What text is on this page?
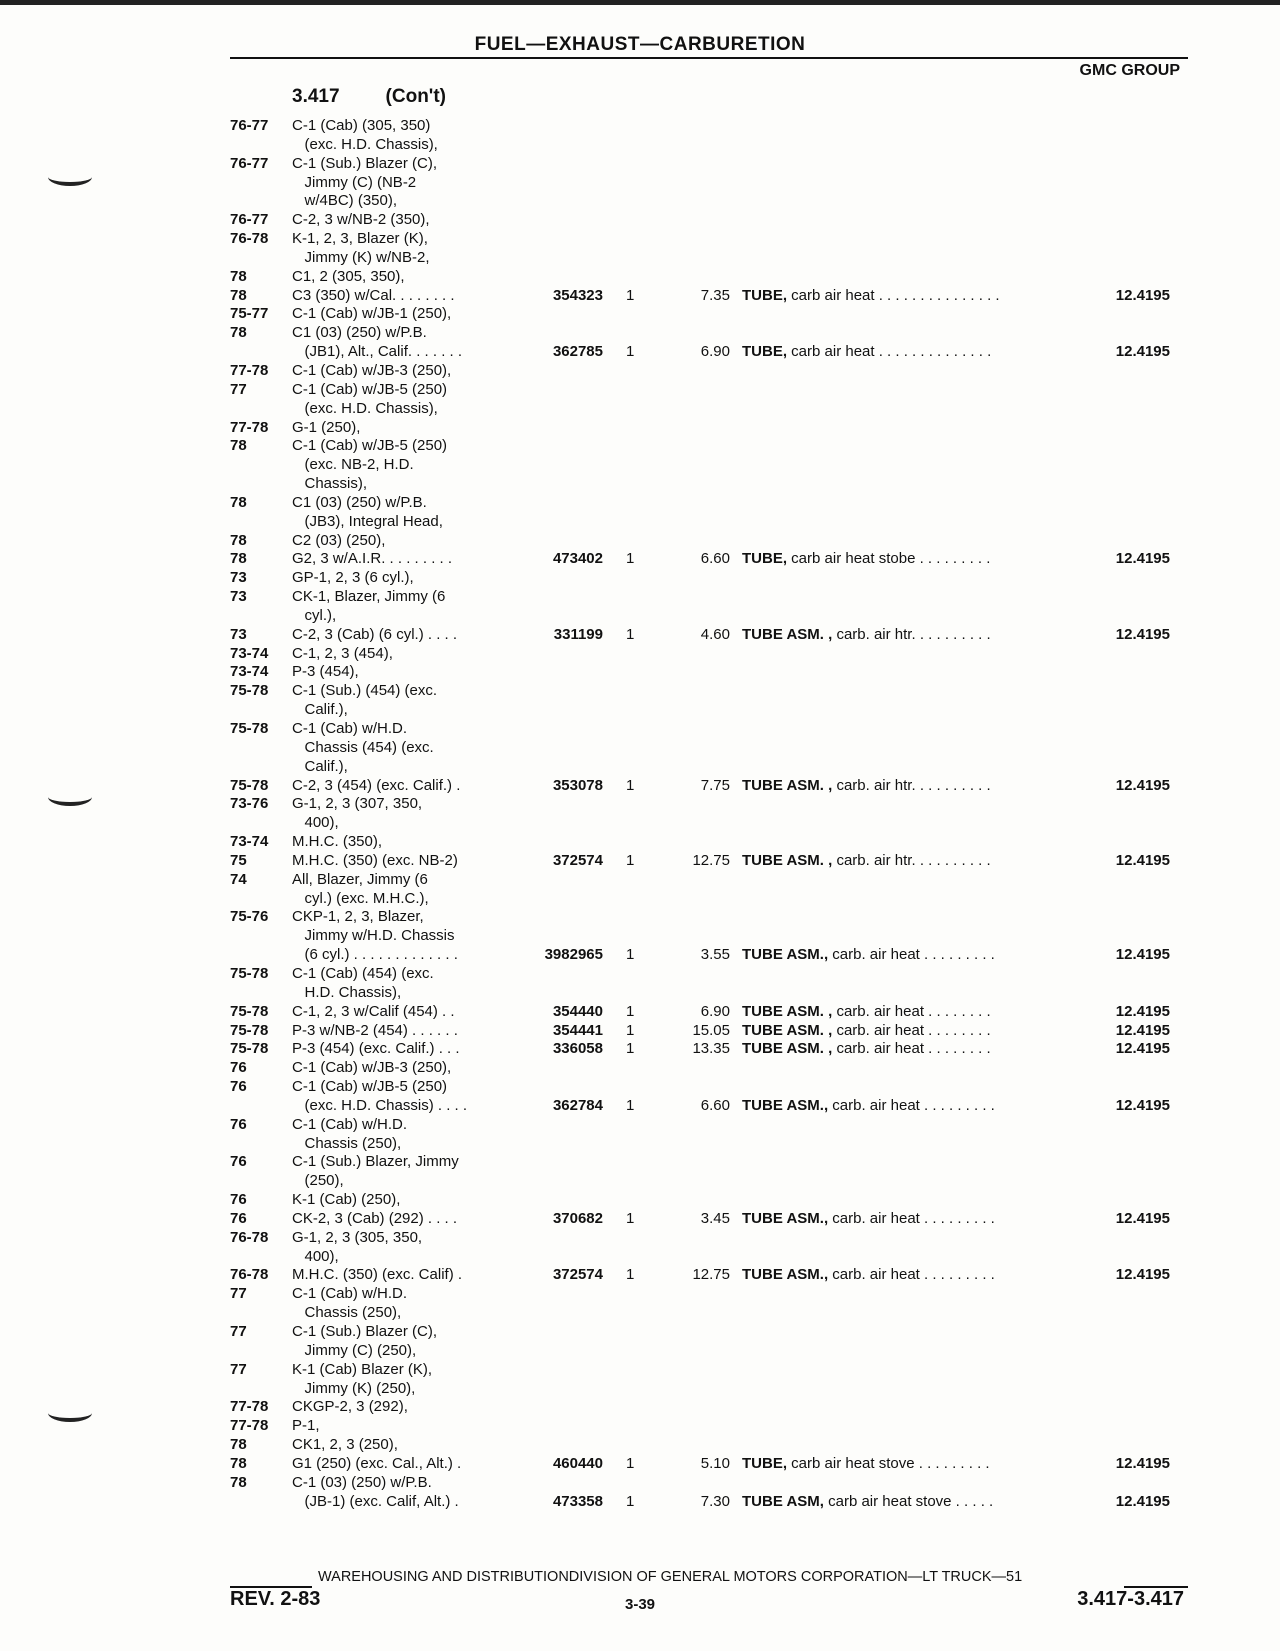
FUEL—EXHAUST—CARBURETION
GMC GROUP
3.417 (Con't)
76-77 C-1 (Cab) (305, 350)
(exc. H.D. Chassis),
76-77 C-1 (Sub.) Blazer (C),
Jimmy (C) (NB-2
w/4BC) (350),
76-77 C-2, 3 w/NB-2 (350),
76-78 K-1, 2, 3, Blazer (K),
Jimmy (K) w/NB-2,
78	C1, 2 (305, 350),
78	C3 (350) w/Cal. . . . . . . .	354323 1	7.35 TUBE, carb air heat . . . . . . . . . . . . . . .	12.4195
75-77 C-1 (Cab) w/JB-1 (250),
78	C1 (03) (250) w/P.B.
(JB1), Alt., Calif. . . . . . .	362785 1	6.90 TUBE, carb air heat . . . . . . . . . . . . . .	12.4195
77-78 C-1 (Cab) w/JB-3 (250),
77	C-1 (Cab) w/JB-5 (250)
(exc. H.D. Chassis),
77-78 G-1 (250),
78	C-1 (Cab) w/JB-5 (250)
(exc. NB-2, H.D.
Chassis),
78	C1 (03) (250) w/P.B.
(JB3), Integral Head,
78	C2 (03) (250),
78	G2, 3 w/A.I.R. . . . . . . . .	473402 1	6.60 TUBE, carb air heat stobe . . . . . . . . .	12.4195
73	GP-1, 2, 3 (6 cyl.),
73	CK-1, Blazer, Jimmy (6
cyl.),
73	C-2, 3 (Cab) (6 cyl.) . . . .	331199 1	4.60 TUBE ASM. , carb. air htr. . . . . . . . . .	12.4195
73-74 C-1, 2, 3 (454),
73-74 P-3 (454),
75-78 C-1 (Sub.) (454) (exc.
Calif.),
75-78 C-1 (Cab) w/H.D.
Chassis (454) (exc.
Calif.),
75-78 C-2, 3 (454) (exc. Calif.) .	353078 1	7.75 TUBE ASM. , carb. air htr. . . . . . . . . .	12.4195
73-76 G-1, 2, 3 (307, 350,
400),
73-74 M.H.C. (350),
75	M.H.C. (350) (exc. NB-2)	372574 1	12.75 TUBE ASM. , carb. air htr. . . . . . . . . .	12.4195
74	All, Blazer, Jimmy (6
cyl.) (exc. M.H.C.),
75-76 CKP-1, 2, 3, Blazer,
Jimmy w/H.D. Chassis
(6 cyl.) . . . . . . . . . . . . .	3982965 1	3.55 TUBE ASM., carb. air heat . . . . . . . . .	12.4195
75-78 C-1 (Cab) (454) (exc.
H.D. Chassis),
75-78 C-1, 2, 3 w/Calif (454) . .	354440 1	6.90 TUBE ASM. , carb. air heat . . . . . . . .	12.4195
75-78 P-3 w/NB-2 (454) . . . . . .	354441 1	15.05 TUBE ASM. , carb. air heat . . . . . . . .	12.4195
75-78 P-3 (454) (exc. Calif.) . . .	336058 1	13.35 TUBE ASM. , carb. air heat . . . . . . . .	12.4195
76	C-1 (Cab) w/JB-3 (250),
76	C-1 (Cab) w/JB-5 (250)
(exc. H.D. Chassis) . . . .	362784 1	6.60 TUBE ASM., carb. air heat . . . . . . . . .	12.4195
76	C-1 (Cab) w/H.D.
Chassis (250),
76	C-1 (Sub.) Blazer, Jimmy
(250),
76	K-1 (Cab) (250),
76	CK-2, 3 (Cab) (292) . . . .	370682 1	3.45 TUBE ASM., carb. air heat . . . . . . . . .	12.4195
76-78 G-1, 2, 3 (305, 350,
400),
76-78 M.H.C. (350) (exc. Calif) .	372574 1	12.75 TUBE ASM., carb. air heat . . . . . . . . .	12.4195
77	C-1 (Cab) w/H.D.
Chassis (250),
77	C-1 (Sub.) Blazer (C),
Jimmy (C) (250),
77	K-1 (Cab) Blazer (K),
Jimmy (K) (250),
77-78 CKGP-2, 3 (292),
77-78 P-1,
78	CK1, 2, 3 (250),
78	G1 (250) (exc. Cal., Alt.) .	460440 1	5.10 TUBE, carb air heat stove . . . . . . . . .	12.4195
78	C-1 (03) (250) w/P.B.
(JB-1) (exc. Calif, Alt.) .	473358 1	7.30 TUBE ASM, carb air heat stove . . . . .	12.4195
WAREHOUSING AND DISTRIBUTIONDIVISION OF GENERAL MOTORS CORPORATION—LT TRUCK—51
REV. 2-83	3-39	3.417-3.417
